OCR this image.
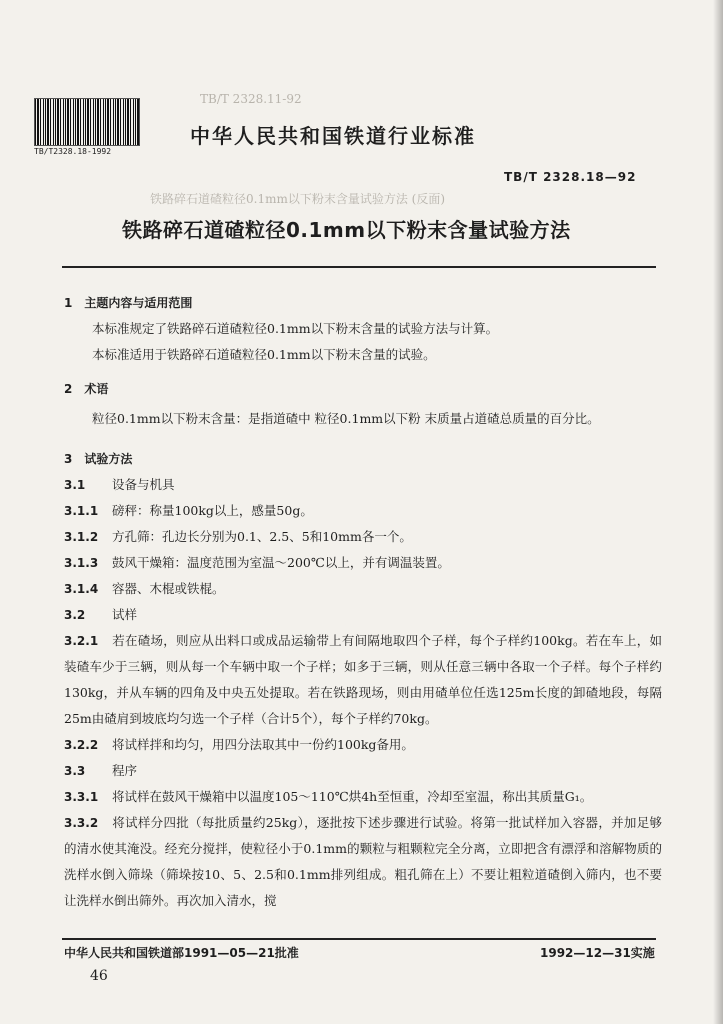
TB/T 2328.11-92
铁路碎石道碴粒径0.1mm以下粉末含量试验方法 (反面)
TB/T2328.18-1992
中华人民共和国铁道行业标准
TB/T 2328.18—92
铁路碎石道碴粒径0.1mm以下粉末含量试验方法
1　主题内容与适用范围
本标准规定了铁路碎石道碴粒径0.1mm以下粉末含量的试验方法与计算。
本标准适用于铁路碎石道碴粒径0.1mm以下粉末含量的试验。
2　术语
粒径0.1mm以下粉末含量：是指道碴中 粒径0.1mm以下粉 末质量占道碴总质量的百分比。
3　试验方法
3.1 设备与机具
3.1.1 磅秤：称量100kg以上，感量50g。
3.1.2 方孔筛：孔边长分别为0.1、2.5、5和10mm各一个。
3.1.3 鼓风干燥箱：温度范围为室温～200℃以上，并有调温装置。
3.1.4 容器、木棍或铁棍。
3.2 试样
3.2.1 若在碴场，则应从出料口或成品运输带上有间隔地取四个子样，每个子样约100kg。若在车上，如装碴车少于三辆，则从每一个车辆中取一个子样；如多于三辆，则从任意三辆中各取一个子样。每个子样约130kg，并从车辆的四角及中央五处提取。若在铁路现场，则由用碴单位任选125m长度的卸碴地段，每隔25m由碴肩到坡底均匀选一个子样（合计5个），每个子样约70kg。
3.2.2 将试样拌和均匀，用四分法取其中一份约100kg备用。
3.3 程序
3.3.1 将试样在鼓风干燥箱中以温度105～110℃烘4h至恒重，冷却至室温，称出其质量G₁。
3.3.2 将试样分四批（每批质量约25kg），逐批按下述步骤进行试验。将第一批试样加入容器，并加足够的清水使其淹没。经充分搅拌，使粒径小于0.1mm的颗粒与粗颗粒完全分离，立即把含有漂浮和溶解物质的洗样水倒入筛垛（筛垛按10、5、2.5和0.1mm排列组成。粗孔筛在上）不要让粗粒道碴倒入筛内，也不要让洗样水倒出筛外。再次加入清水，搅
中华人民共和国铁道部1991—05—21批准	1992—12—31实施
46
